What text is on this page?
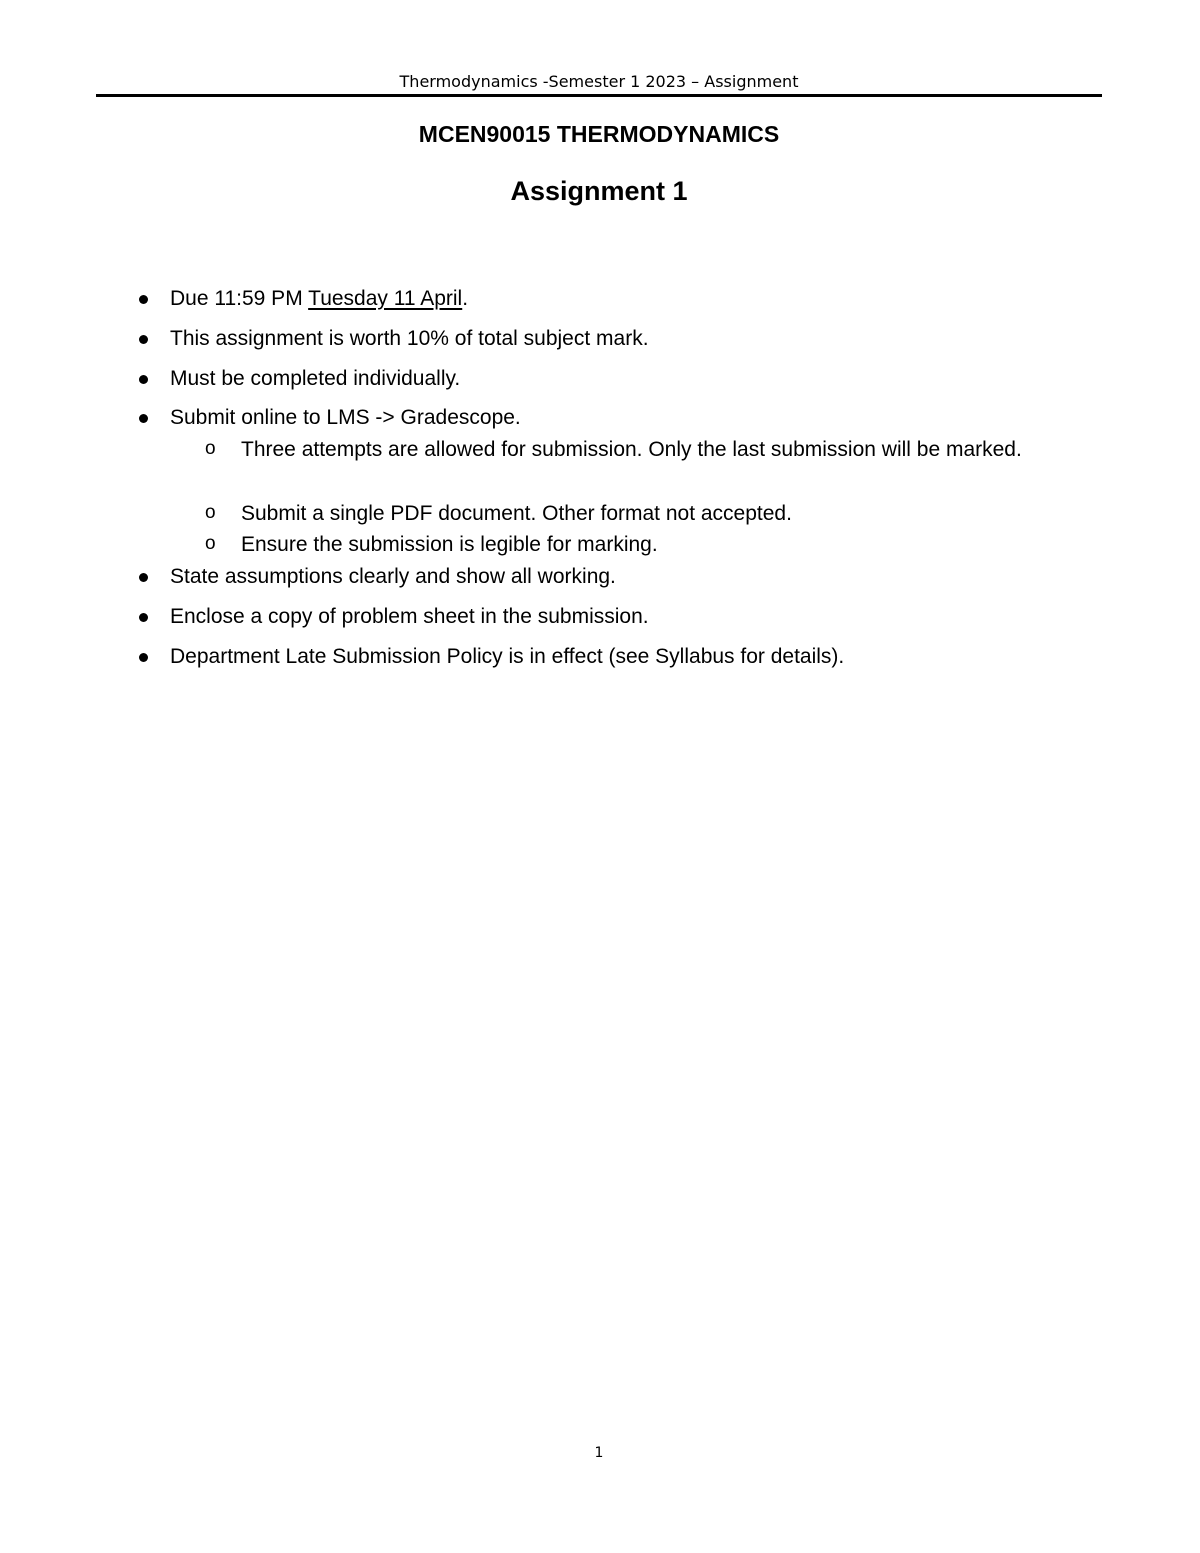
Thermodynamics -Semester 1 2023 – Assignment
MCEN90015 THERMODYNAMICS
Assignment 1
Due 11:59 PM Tuesday 11 April.
This assignment is worth 10% of total subject mark.
Must be completed individually.
Submit online to LMS -> Gradescope.
o	Three attempts are allowed for submission. Only the last submission will be marked.
o	Submit a single PDF document. Other format not accepted.
o	Ensure the submission is legible for marking.
State assumptions clearly and show all working.
Enclose a copy of problem sheet in the submission.
Department Late Submission Policy is in effect (see Syllabus for details).
1
